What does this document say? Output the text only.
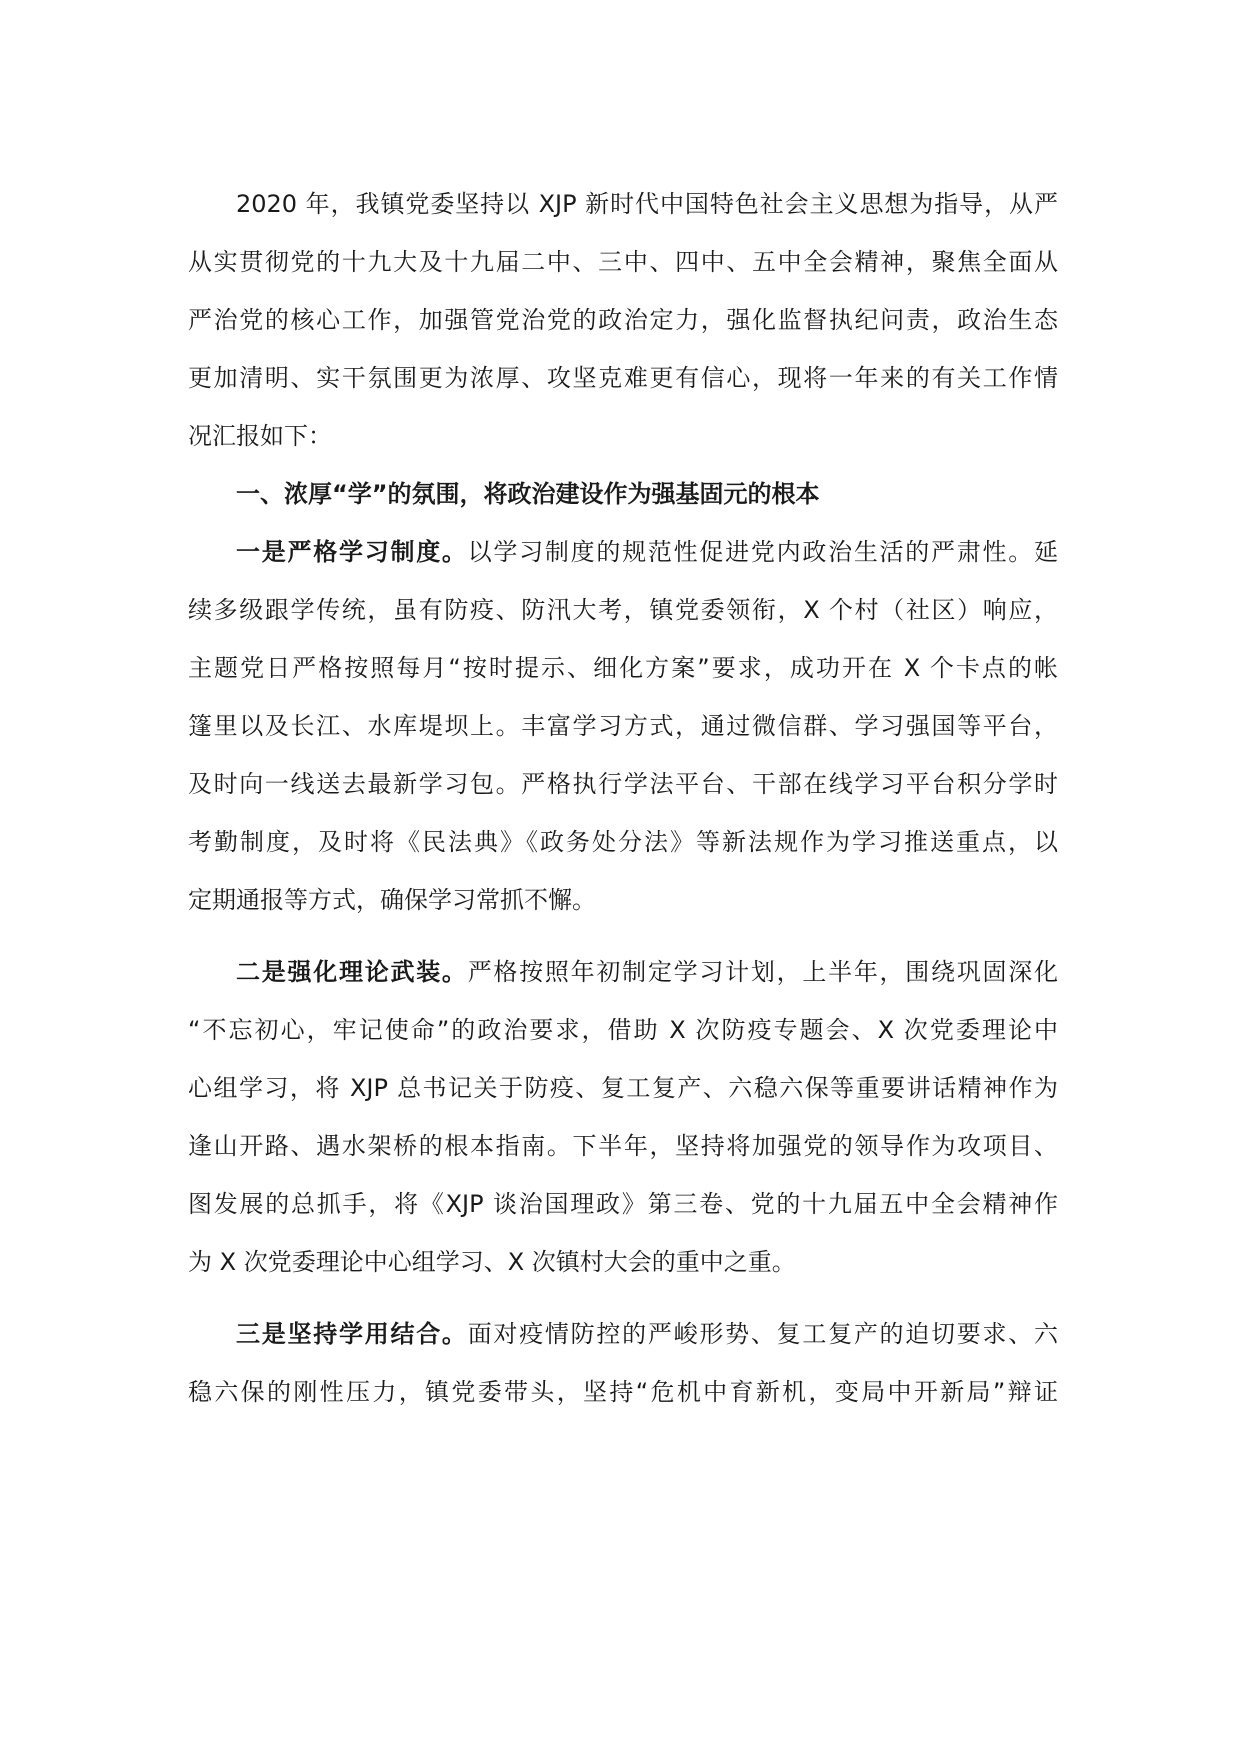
2020 年，我镇党委坚持以 XJP 新时代中国特色社会主义思想为指导，从严
从实贯彻党的十九大及十九届二中、三中、四中、五中全会精神，聚焦全面从
严治党的核心工作，加强管党治党的政治定力，强化监督执纪问责，政治生态
更加清明、实干氛围更为浓厚、攻坚克难更有信心，现将一年来的有关工作情
况汇报如下：
一、浓厚“学”的氛围，将政治建设作为强基固元的根本
一是严格学习制度。以学习制度的规范性促进党内政治生活的严肃性。延
续多级跟学传统，虽有防疫、防汛大考，镇党委领衔，X 个村（社区）响应，
主题党日严格按照每月“按时提示、细化方案”要求，成功开在 X 个卡点的帐
篷里以及长江、水库堤坝上。丰富学习方式，通过微信群、学习强国等平台，
及时向一线送去最新学习包。严格执行学法平台、干部在线学习平台积分学时
考勤制度，及时将《民法典》《政务处分法》等新法规作为学习推送重点，以
定期通报等方式，确保学习常抓不懈。
二是强化理论武装。严格按照年初制定学习计划，上半年，围绕巩固深化
“不忘初心，牢记使命”的政治要求，借助 X 次防疫专题会、X 次党委理论中
心组学习，将 XJP 总书记关于防疫、复工复产、六稳六保等重要讲话精神作为
逢山开路、遇水架桥的根本指南。下半年，坚持将加强党的领导作为攻项目、
图发展的总抓手，将《XJP 谈治国理政》第三卷、党的十九届五中全会精神作
为 X 次党委理论中心组学习、X 次镇村大会的重中之重。
三是坚持学用结合。面对疫情防控的严峻形势、复工复产的迫切要求、六
稳六保的刚性压力，镇党委带头，坚持“危机中育新机，变局中开新局”辩证
